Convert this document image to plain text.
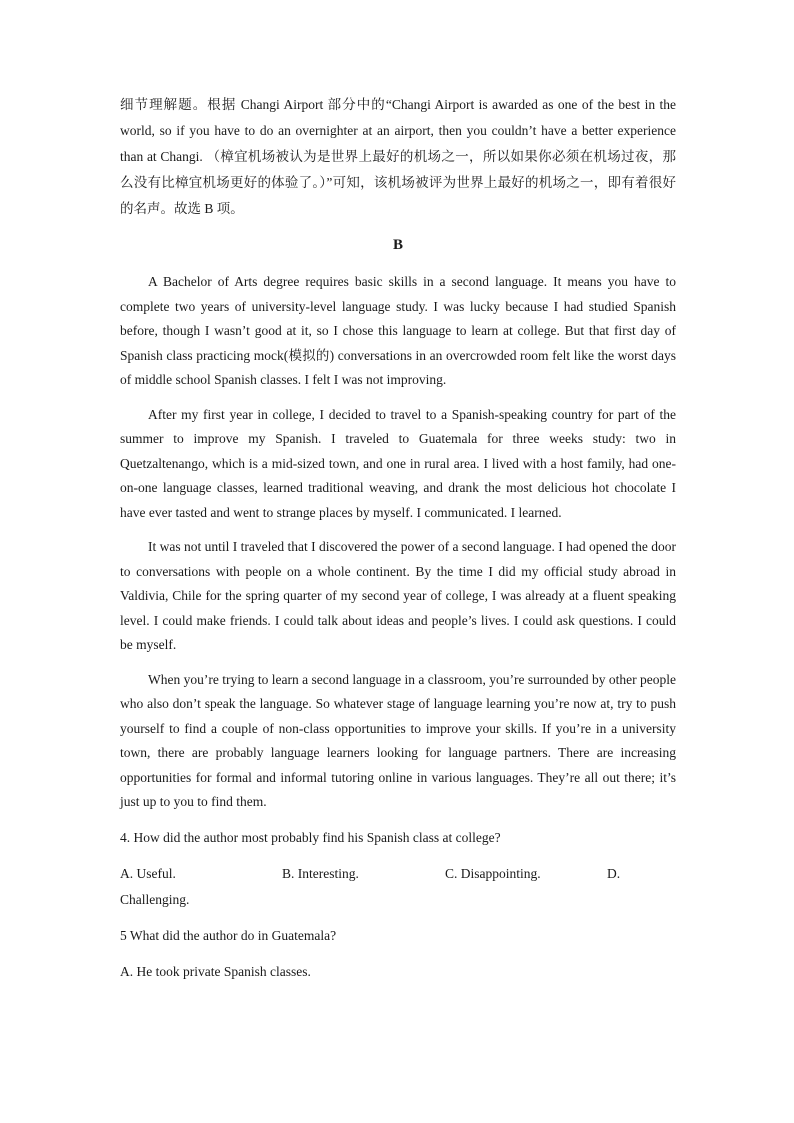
细节理解题。根据 Changi Airport 部分中的“Changi Airport is awarded as one of the best in the world, so if you have to do an overnighter at an airport, then you couldn’t have a better experience than at Changi. （樟宜机场被认为是世界上最好的机场之一，所以如果你必须在机场过夜，那么没有比樟宜机场更好的体验了。）”可知，该机场被评为世界上最好的机场之一，即有着很好的名声。故选 B 项。

B

A Bachelor of Arts degree requires basic skills in a second language. It means you have to complete two years of university-level language study. I was lucky because I had studied Spanish before, though I wasn’t good at it, so I chose this language to learn at college. But that first day of Spanish class practicing mock(模拟的) conversations in an overcrowded room felt like the worst days of middle school Spanish classes. I felt I was not improving.

After my first year in college, I decided to travel to a Spanish-speaking country for part of the summer to improve my Spanish. I traveled to Guatemala for three weeks study: two in Quetzaltenango, which is a mid-sized town, and one in rural area. I lived with a host family, had one-on-one language classes, learned traditional weaving, and drank the most delicious hot chocolate I have ever tasted and went to strange places by myself. I communicated. I learned.

It was not until I traveled that I discovered the power of a second language. I had opened the door to conversations with people on a whole continent. By the time I did my official study abroad in Valdivia, Chile for the spring quarter of my second year of college, I was already at a fluent speaking level. I could make friends. I could talk about ideas and people’s lives. I could ask questions. I could be myself.

When you’re trying to learn a second language in a classroom, you’re surrounded by other people who also don’t speak the language. So whatever stage of language learning you’re now at, try to push yourself to find a couple of non-class opportunities to improve your skills. If you’re in a university town, there are probably language learners looking for language partners. There are increasing opportunities for formal and informal tutoring online in various languages. They’re all out there; it’s just up to you to find them.

4. How did the author most probably find his Spanish class at college?

A. Useful.	B. Interesting.	C. Disappointing.	D.
Challenging.

5 What did the author do in Guatemala?

A. He took private Spanish classes.
